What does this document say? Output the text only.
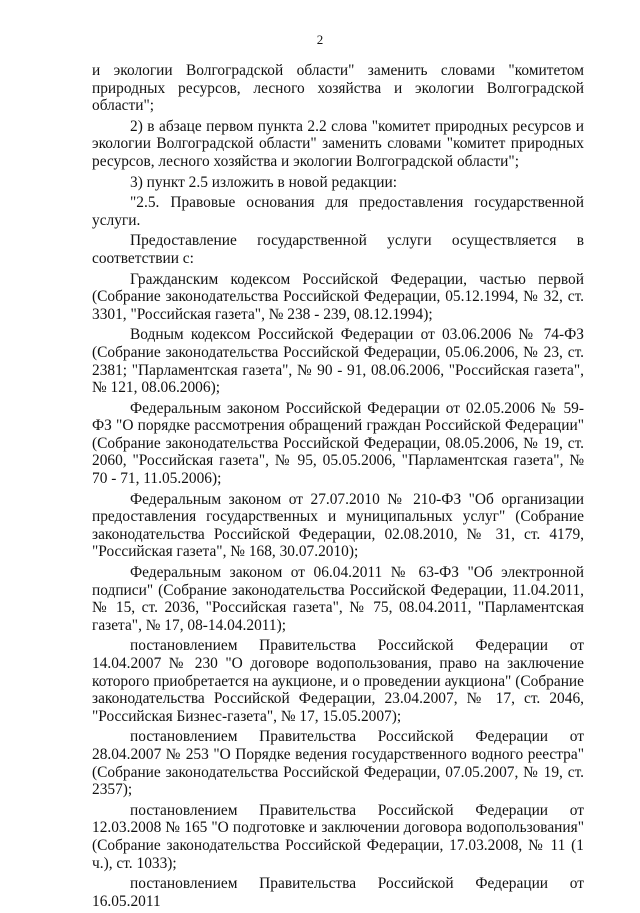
2

и экологии Волгоградской области" заменить словами "комитетом природных ресурсов, лесного хозяйства и экологии Волгоградской области";

2) в абзаце первом пункта 2.2 слова "комитет природных ресурсов и экологии Волгоградской области" заменить словами "комитет природных ресурсов, лесного хозяйства и экологии Волгоградской области";

3) пункт 2.5 изложить в новой редакции:

"2.5. Правовые основания для предоставления государственной услуги.

Предоставление государственной услуги осуществляется в соответствии с:

Гражданским кодексом Российской Федерации, частью первой (Собрание законодательства Российской Федерации, 05.12.1994, № 32, ст. 3301, "Российская газета", № 238 - 239, 08.12.1994);

Водным кодексом Российской Федерации от 03.06.2006 № 74-ФЗ (Собрание законодательства Российской Федерации, 05.06.2006, № 23, ст. 2381; "Парламентская газета", № 90 - 91, 08.06.2006, "Российская газета", № 121, 08.06.2006);

Федеральным законом Российской Федерации от 02.05.2006 № 59-ФЗ "О порядке рассмотрения обращений граждан Российской Федерации" (Собрание законодательства Российской Федерации, 08.05.2006, № 19, ст. 2060, "Российская газета", № 95, 05.05.2006, "Парламентская газета", № 70 - 71, 11.05.2006);

Федеральным законом от 27.07.2010 № 210-ФЗ "Об организации предоставления государственных и муниципальных услуг" (Собрание законодательства Российской Федерации, 02.08.2010, № 31, ст. 4179, "Российская газета", № 168, 30.07.2010);

Федеральным законом от 06.04.2011 № 63-ФЗ "Об электронной подписи" (Собрание законодательства Российской Федерации, 11.04.2011, № 15, ст. 2036, "Российская газета", № 75, 08.04.2011, "Парламентская газета", № 17, 08-14.04.2011);

постановлением Правительства Российской Федерации от 14.04.2007 № 230 "О договоре водопользования, право на заключение которого приобретается на аукционе, и о проведении аукциона" (Собрание законодательства Российской Федерации, 23.04.2007, № 17, ст. 2046, "Российская Бизнес-газета", № 17, 15.05.2007);

постановлением Правительства Российской Федерации от 28.04.2007 № 253 "О Порядке ведения государственного водного реестра" (Собрание законодательства Российской Федерации, 07.05.2007, № 19, ст. 2357);

постановлением Правительства Российской Федерации от 12.03.2008 № 165 "О подготовке и заключении договора водопользования" (Собрание законодательства Российской Федерации, 17.03.2008, № 11 (1 ч.), ст. 1033);

постановлением Правительства Российской Федерации от 16.05.2011
